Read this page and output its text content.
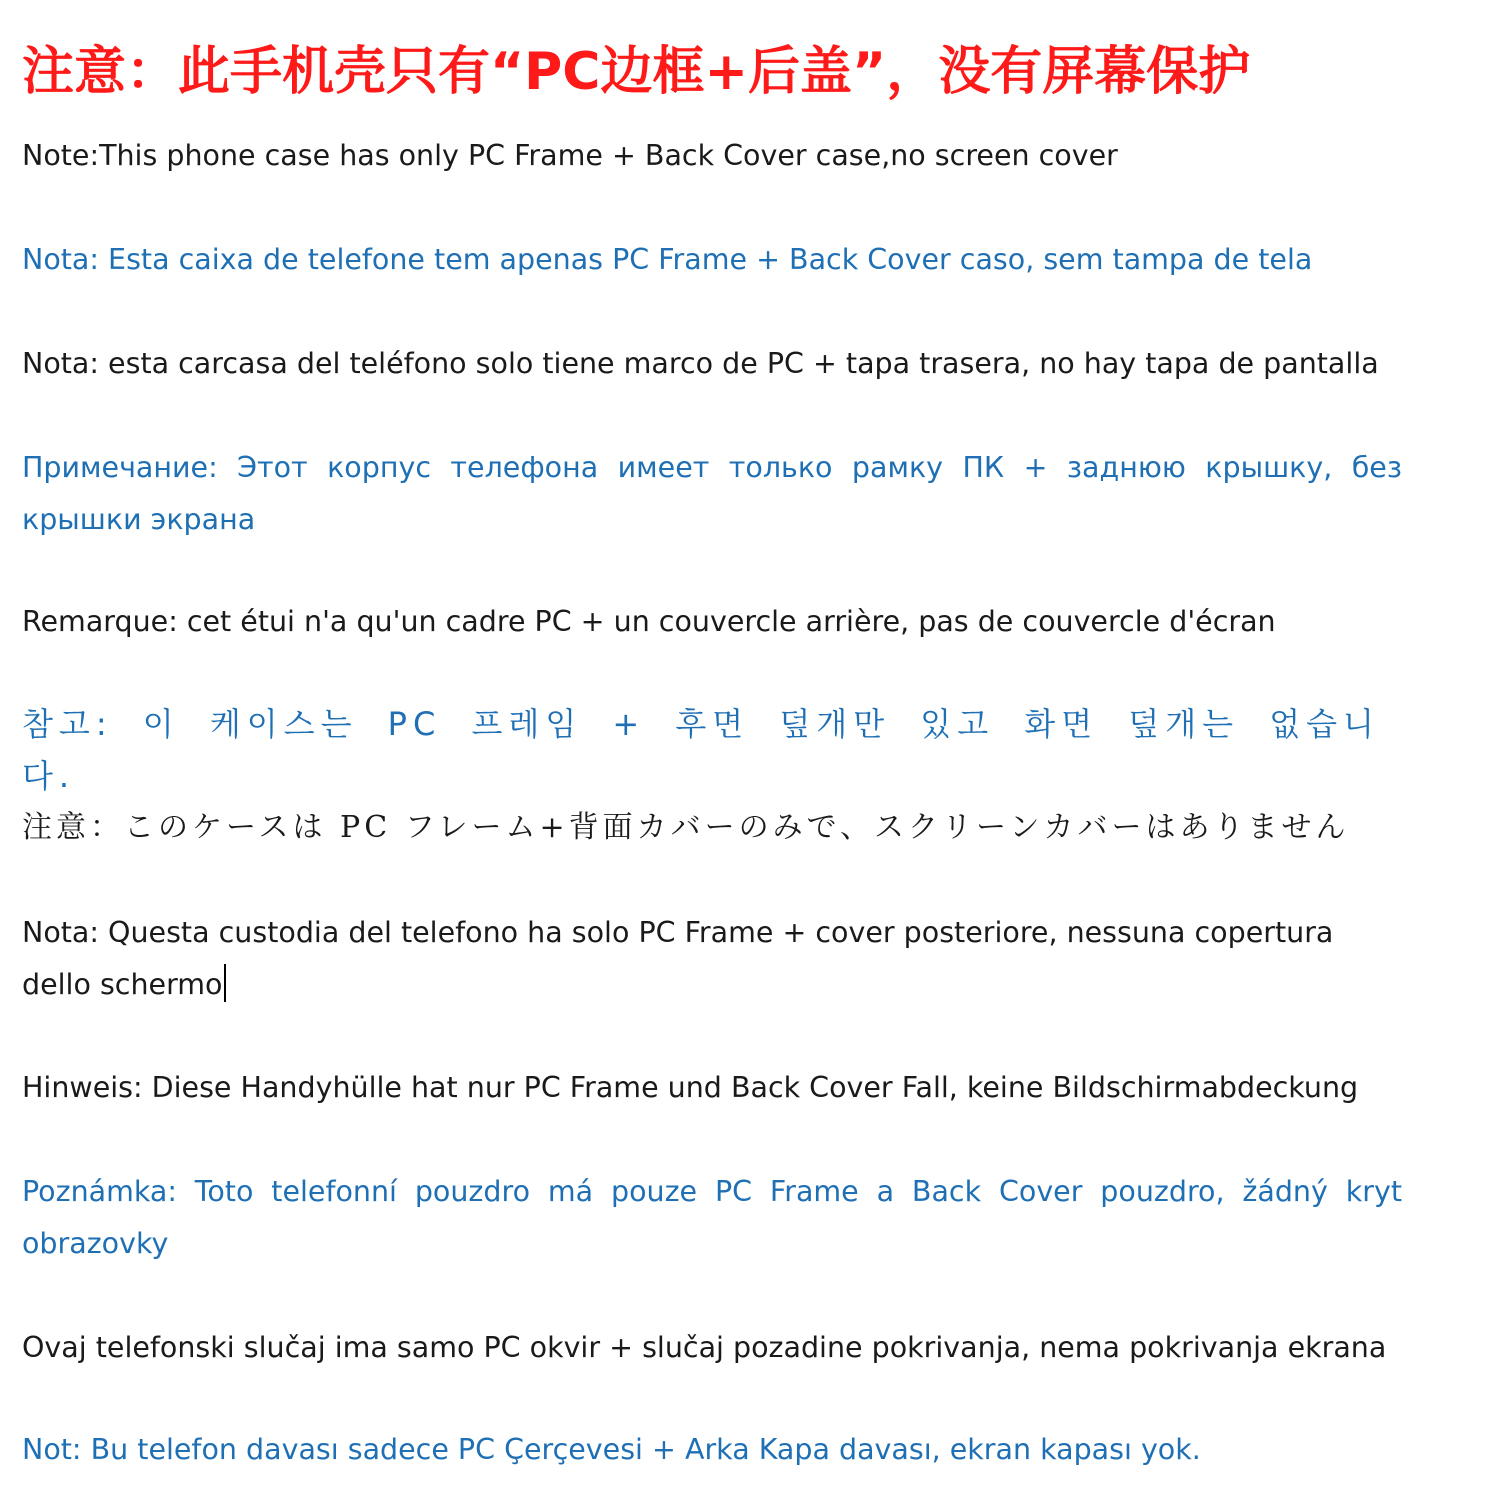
注意：此手机壳只有“PC边框+后盖”，没有屏幕保护

Note:This phone case has only PC Frame + Back Cover case,no screen cover

Nota: Esta caixa de telefone tem apenas PC Frame + Back Cover caso, sem tampa de tela

Nota: esta carcasa del teléfono solo tiene marco de PC + tapa trasera, no hay tapa de pantalla

Примечание: Этот корпус телефона имеет только рамку ПК + заднюю крышку, без крышки экрана

Remarque: cet étui n'a qu'un cadre PC + un couvercle arrière, pas de couvercle d'écran

참고: 이 케이스는 PC 프레임 + 후면 덮개만 있고 화면 덮개는 없습니다.

注意：このケースは PC フレーム+背面カバーのみで、スクリーンカバーはありません

Nota: Questa custodia del telefono ha solo PC Frame + cover posteriore, nessuna copertura dello schermo

Hinweis: Diese Handyhülle hat nur PC Frame und Back Cover Fall, keine Bildschirmabdeckung

Poznámka: Toto telefonní pouzdro má pouze PC Frame a Back Cover pouzdro, žádný kryt obrazovky

Ovaj telefonski slučaj ima samo PC okvir + slučaj pozadine pokrivanja, nema pokrivanja ekrana

Not: Bu telefon davası sadece PC Çerçevesi + Arka Kapa davası, ekran kapası yok.
